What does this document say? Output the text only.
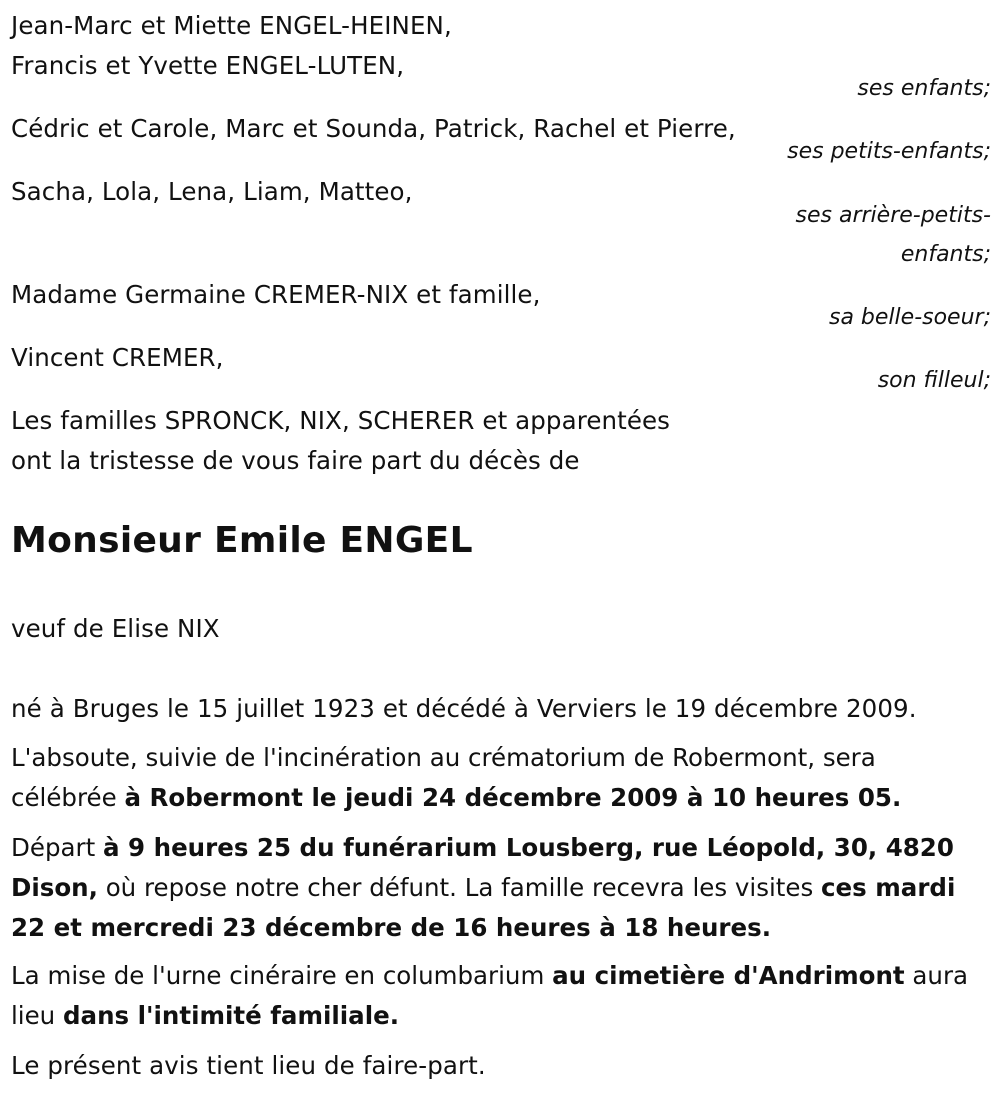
Jean-Marc et Miette ENGEL-HEINEN,
Francis et Yvette ENGEL-LUTEN,
ses enfants;
Cédric et Carole, Marc et Sounda, Patrick, Rachel et Pierre,
ses petits-enfants;
Sacha, Lola, Lena, Liam, Matteo,
ses arrière-petits-
enfants;
Madame Germaine CREMER-NIX et famille,
sa belle-soeur;
Vincent CREMER,
son filleul;
Les familles SPRONCK, NIX, SCHERER et apparentées
ont la tristesse de vous faire part du décès de
Monsieur Emile ENGEL
veuf de Elise NIX
né à Bruges le 15 juillet 1923 et décédé à Verviers le 19 décembre 2009.
L'absoute, suivie de l'incinération au crématorium de Robermont, sera célébrée à Robermont le jeudi 24 décembre 2009 à 10 heures 05.
Départ à 9 heures 25 du funérarium Lousberg, rue Léopold, 30, 4820 Dison, où repose notre cher défunt. La famille recevra les visites ces mardi 22 et mercredi 23 décembre de 16 heures à 18 heures.
La mise de l'urne cinéraire en columbarium au cimetière d'Andrimont aura lieu dans l'intimité familiale.
Le présent avis tient lieu de faire-part.
